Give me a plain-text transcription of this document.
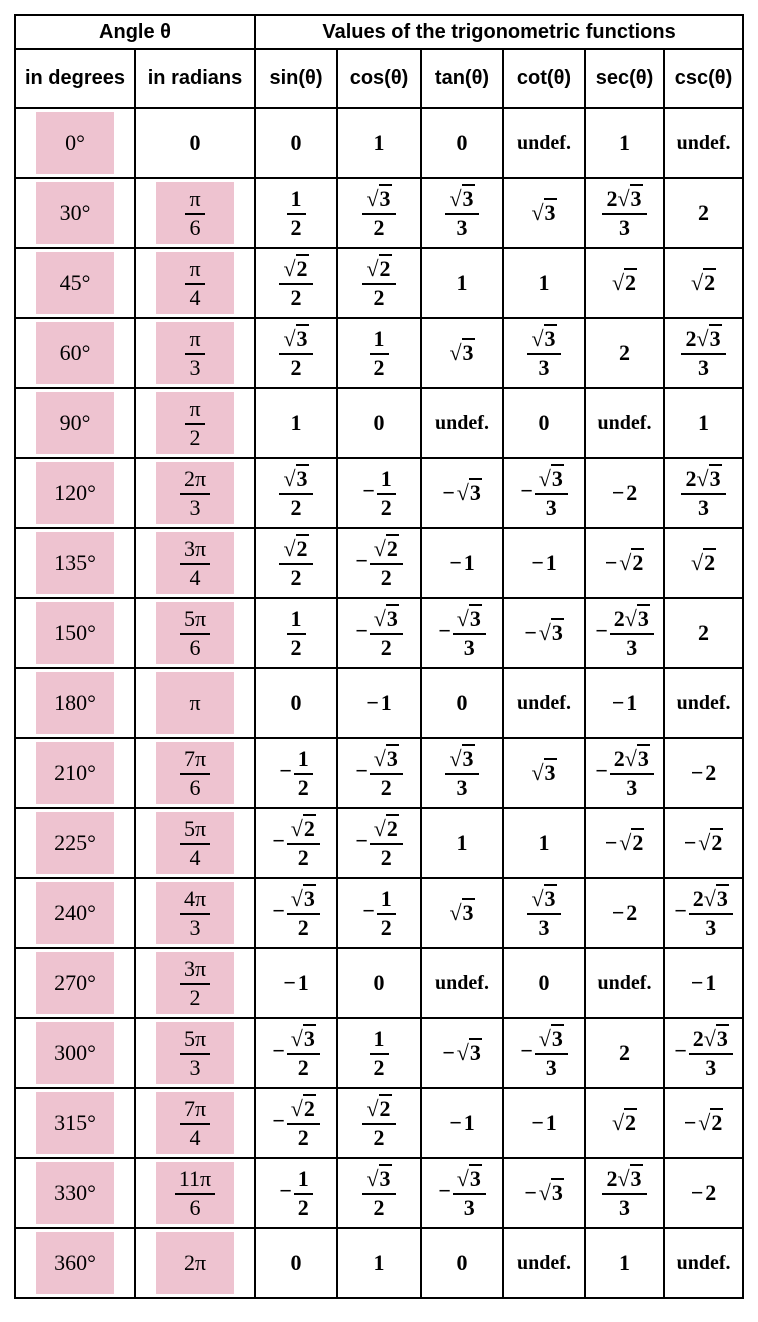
Angle θ		Values of the trigonometric functions					
in degrees	in radians	sin(θ)	cos(θ)	tan(θ)	cot(θ)	sec(θ)	csc(θ)

0°	0	0	1	0	undef.	1	undef.

30°	$\frac{\pi}{6}$	$\frac{1}{2}$	$\frac{√3}{2}$	$\frac{√3}{3}$	√3	$\frac{2√3}{3}$	2

45°	$\frac{\pi}{4}$	$\frac{√2}{2}$	$\frac{√2}{2}$	1	1	√2	√2

60°	$\frac{\pi}{3}$	$\frac{√3}{2}$	$\frac{1}{2}$	√3	$\frac{√3}{3}$	2	$\frac{2√3}{3}$

90°	$\frac{\pi}{2}$	1	0	undef.	0	undef.	1

120°	$\frac{2\pi}{3}$	$\frac{√3}{2}$	− $\frac{1}{2}$	−√3	− $\frac{√3}{3}$	−2	$\frac{2√3}{3}$

135°	$\frac{3\pi}{4}$	$\frac{√2}{2}$	− $\frac{√2}{2}$	−1	−1	−√2	√2

150°	$\frac{5\pi}{6}$	$\frac{1}{2}$	− $\frac{√3}{2}$	− $\frac{√3}{3}$	−√3	− $\frac{2√3}{3}$	2

180°	π	0	−1	0	undef.	−1	undef.

210°	$\frac{7\pi}{6}$	− $\frac{1}{2}$	− $\frac{√3}{2}$	$\frac{√3}{3}$	√3	− $\frac{2√3}{3}$	−2

225°	$\frac{5\pi}{4}$	− $\frac{√2}{2}$	− $\frac{√2}{2}$	1	1	−√2	−√2

240°	$\frac{4\pi}{3}$	− $\frac{√3}{2}$	− $\frac{1}{2}$	√3	$\frac{√3}{3}$	−2	− $\frac{2√3}{3}$

270°	$\frac{3\pi}{2}$	−1	0	undef.	0	undef.	−1

300°	$\frac{5\pi}{3}$	− $\frac{√3}{2}$	$\frac{1}{2}$	−√3	− $\frac{√3}{3}$	2	− $\frac{2√3}{3}$

315°	$\frac{7\pi}{4}$	− $\frac{√2}{2}$	$\frac{√2}{2}$	−1	−1	√2	−√2

330°	$\frac{11\pi}{6}$	− $\frac{1}{2}$	$\frac{√3}{2}$	− $\frac{√3}{3}$	−√3	$\frac{2√3}{3}$	−2

360°	2π	0	1	0	undef.	1	undef.
